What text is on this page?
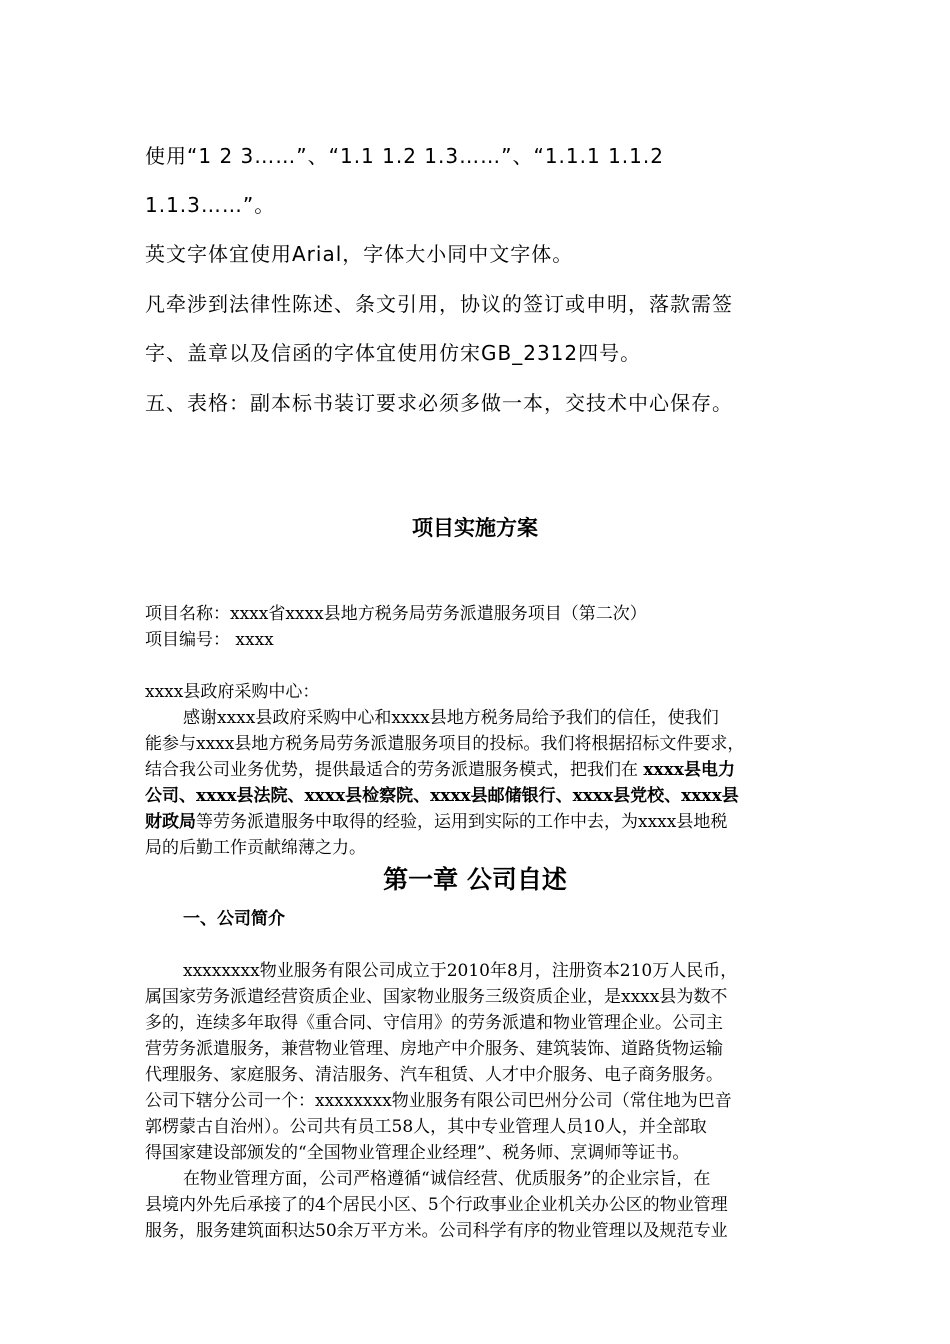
使用“1 2 3……”、“1.1 1.2 1.3……”、“1.1.1 1.1.2

1.1.3……”。

英文字体宜使用Arial，字体大小同中文字体。

凡牵涉到法律性陈述、条文引用，协议的签订或申明，落款需签

字、盖章以及信函的字体宜使用仿宋GB_2312四号。

五、表格：副本标书装订要求必须多做一本，交技术中心保存。

项目实施方案

项目名称：xxxx省xxxx县地方税务局劳务派遣服务项目（第二次）

项目编号： xxxx

xxxx县政府采购中心：

感谢xxxx县政府采购中心和xxxx县地方税务局给予我们的信任，使我们

能参与xxxx县地方税务局劳务派遣服务项目的投标。我们将根据招标文件要求，

结合我公司业务优势，提供最适合的劳务派遣服务模式，把我们在 xxxx县电力

公司、xxxx县法院、xxxx县检察院、xxxx县邮储银行、xxxx县党校、xxxx县

财政局等劳务派遣服务中取得的经验，运用到实际的工作中去，为xxxx县地税

局的后勤工作贡献绵薄之力。

第一章 公司自述

一、公司简介

xxxxxxxx物业服务有限公司成立于2010年8月，注册资本210万人民币，

属国家劳务派遣经营资质企业、国家物业服务三级资质企业，是xxxx县为数不

多的，连续多年取得《重合同、守信用》的劳务派遣和物业管理企业。公司主

营劳务派遣服务，兼营物业管理、房地产中介服务、建筑装饰、道路货物运输

代理服务、家庭服务、清洁服务、汽车租赁、人才中介服务、电子商务服务。

公司下辖分公司一个：xxxxxxxx物业服务有限公司巴州分公司（常住地为巴音

郭楞蒙古自治州）。公司共有员工58人，其中专业管理人员10人，并全部取

得国家建设部颁发的“全国物业管理企业经理”、税务师、烹调师等证书。

在物业管理方面，公司严格遵循“诚信经营、优质服务”的企业宗旨，在

县境内外先后承接了的4个居民小区、5个行政事业企业机关办公区的物业管理

服务，服务建筑面积达50余万平方米。公司科学有序的物业管理以及规范专业
